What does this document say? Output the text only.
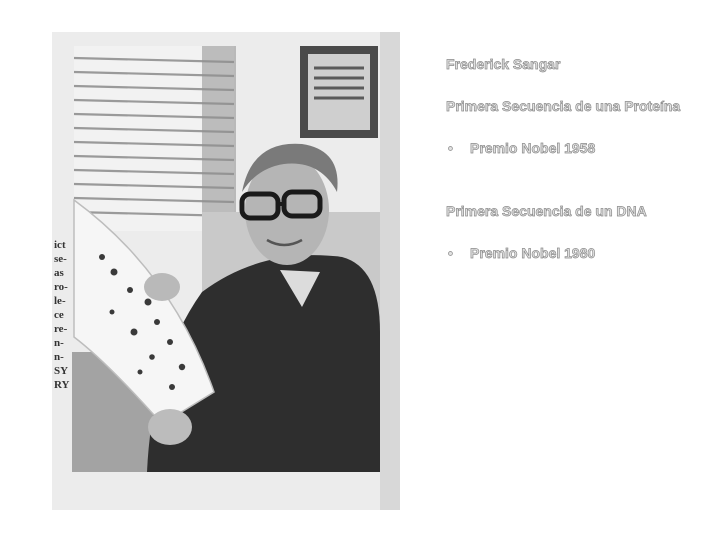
ict
se-
as
ro-
le-
ce
re-
n-
n-
SY
RY

Frederick Sangar

Primera Secuencia de una Proteína

•	Premio Nobel 1958

Primera Secuencia de un DNA

•	Premio Nobel 1980
